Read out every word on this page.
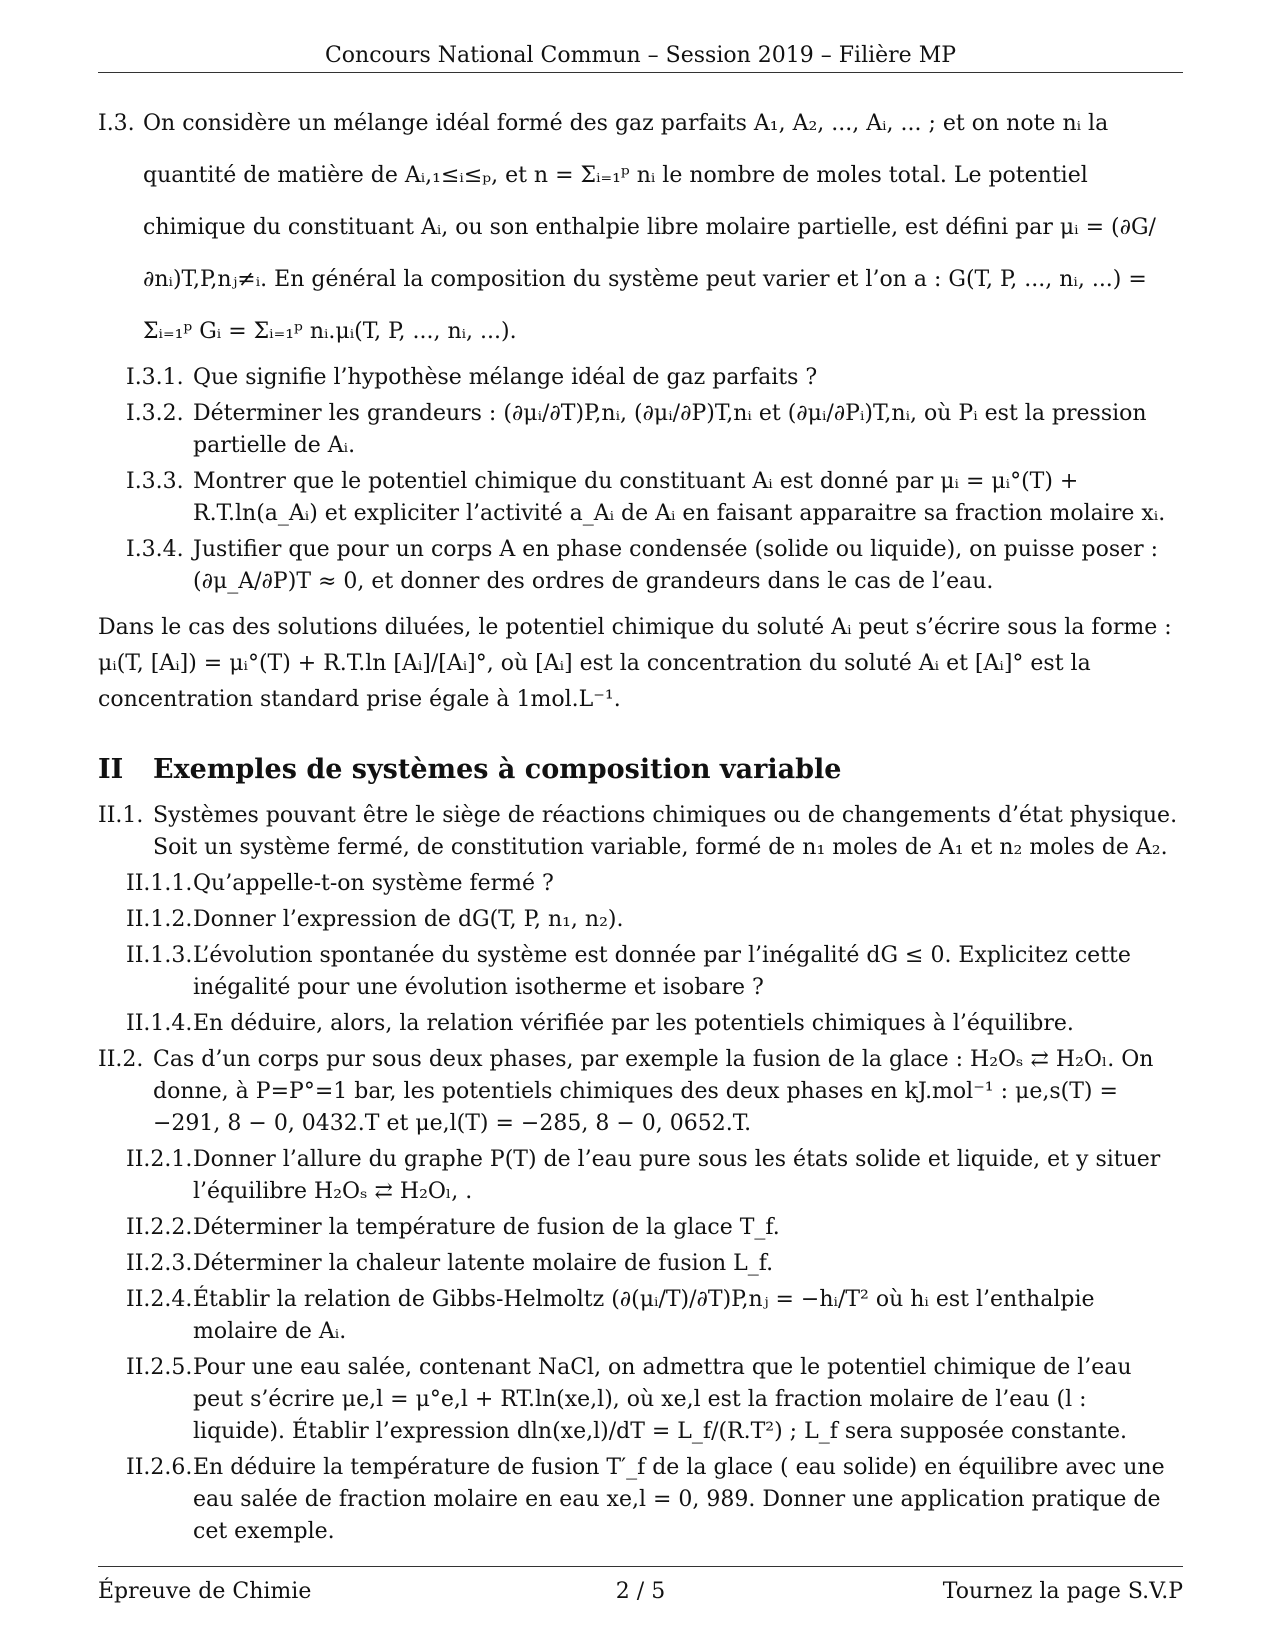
Concours National Commun – Session 2019 – Filière MP
I.3. On considère un mélange idéal formé des gaz parfaits A₁, A₂, ..., Aᵢ, ... ; et on note nᵢ la quantité de matière de Aᵢ,₁≤ᵢ≤ₚ, et n = Σᵢ₌₁ᵖ nᵢ le nombre de moles total. Le potentiel chimique du constituant Aᵢ, ou son enthalpie libre molaire partielle, est défini par μᵢ = (∂G/∂nᵢ)T,P,nⱼ≠ᵢ. En général la composition du système peut varier et l’on a : G(T, P, ..., nᵢ, ...) = Σᵢ₌₁ᵖ Gᵢ = Σᵢ₌₁ᵖ nᵢ.μᵢ(T, P, ..., nᵢ, ...).
I.3.1. Que signifie l’hypothèse mélange idéal de gaz parfaits ?
I.3.2. Déterminer les grandeurs : (∂μᵢ/∂T)P,nᵢ, (∂μᵢ/∂P)T,nᵢ et (∂μᵢ/∂Pᵢ)T,nᵢ, où Pᵢ est la pression partielle de Aᵢ.
I.3.3. Montrer que le potentiel chimique du constituant Aᵢ est donné par μᵢ = μᵢ°(T) + R.T.ln(a_Aᵢ) et expliciter l’activité a_Aᵢ de Aᵢ en faisant apparaitre sa fraction molaire xᵢ.
I.3.4. Justifier que pour un corps A en phase condensée (solide ou liquide), on puisse poser : (∂μ_A/∂P)T ≈ 0, et donner des ordres de grandeurs dans le cas de l’eau.

Dans le cas des solutions diluées, le potentiel chimique du soluté Aᵢ peut s’écrire sous la forme : μᵢ(T, [Aᵢ]) = μᵢ°(T) + R.T.ln [Aᵢ]/[Aᵢ]°, où [Aᵢ] est la concentration du soluté Aᵢ et [Aᵢ]° est la concentration standard prise égale à 1mol.L⁻¹.

II Exemples de systèmes à composition variable
II.1. Systèmes pouvant être le siège de réactions chimiques ou de changements d’état physique. Soit un système fermé, de constitution variable, formé de n₁ moles de A₁ et n₂ moles de A₂.
II.1.1. Qu’appelle-t-on système fermé ?
II.1.2. Donner l’expression de dG(T, P, n₁, n₂).
II.1.3. L’évolution spontanée du système est donnée par l’inégalité dG ≤ 0. Explicitez cette inégalité pour une évolution isotherme et isobare ?
II.1.4. En déduire, alors, la relation vérifiée par les potentiels chimiques à l’équilibre.
II.2. Cas d’un corps pur sous deux phases, par exemple la fusion de la glace : H₂Oₛ ⇄ H₂Oₗ. On donne, à P=P°=1 bar, les potentiels chimiques des deux phases en kJ.mol⁻¹ : μe,s(T) = −291, 8 − 0, 0432.T et μe,l(T) = −285, 8 − 0, 0652.T.
II.2.1. Donner l’allure du graphe P(T) de l’eau pure sous les états solide et liquide, et y situer l’équilibre H₂Oₛ ⇄ H₂Oₗ, .
II.2.2. Déterminer la température de fusion de la glace T_f.
II.2.3. Déterminer la chaleur latente molaire de fusion L_f.
II.2.4. Établir la relation de Gibbs-Helmoltz (∂(μᵢ/T)/∂T)P,nⱼ = −hᵢ/T² où hᵢ est l’enthalpie molaire de Aᵢ.
II.2.5. Pour une eau salée, contenant NaCl, on admettra que le potentiel chimique de l’eau peut s’écrire μe,l = μ°e,l + RT.ln(xe,l), où xe,l est la fraction molaire de l’eau (l : liquide). Établir l’expression dln(xe,l)/dT = L_f/(R.T²) ; L_f sera supposée constante.
II.2.6. En déduire la température de fusion T′_f de la glace ( eau solide) en équilibre avec une eau salée de fraction molaire en eau xe,l = 0, 989. Donner une application pratique de cet exemple.
2 / 5
Épreuve de Chimie	Tournez la page S.V.P
